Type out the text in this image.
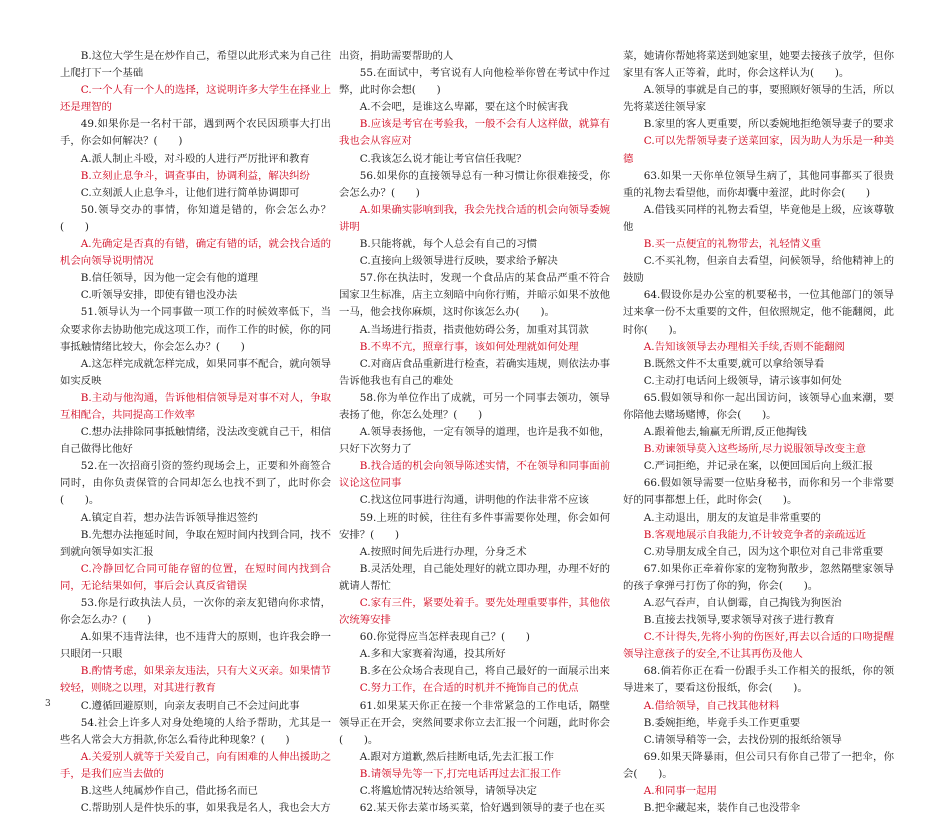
B.这位大学生是在炒作自己，希望以此形式来为自己往上爬打下一个基础
C.一个人有一个人的选择，这说明许多大学生在择业上还是理智的
49.如果你是一名村干部，遇到两个农民因琐事大打出手，你会如何解决？(　　)
A.派人制止斗殴，对斗殴的人进行严厉批评和教育
B.立刻止息争斗，调查事由，协调利益，解决纠纷
C.立刻派人止息争斗，让他们进行简单协调即可
50.领导交办的事情，你知道是错的，你会怎么办？(　　)
A.先确定是否真的有错，确定有错的话，就会找合适的机会向领导说明情况
B.信任领导，因为他一定会有他的道理
C.听领导安排，即使有错也没办法
51.领导认为一个同事做一项工作的时候效率低下，当众要求你去协助他完成这项工作，而作工作的时候，你的同事抵触情绪比较大，你会怎么办？(　　)
A.这怎样完成就怎样完成，如果同事不配合，就向领导如实反映
B.主动与他沟通，告诉他相信领导是对事不对人，争取互相配合，共同提高工作效率
C.想办法排除同事抵触情绪，没法改变就自己干，相信自己做得比他好
52.在一次招商引资的签约现场会上，正要和外商签合同时，由你负责保管的合同却怎么也找不到了，此时你会(　　)。
A.镇定自若，想办法告诉领导推迟签约
B.先想办法拖延时间，争取在短时间内找到合同，找不到就向领导如实汇报
C.冷静回忆合同可能存留的位置，在短时间内找到合同，无论结果如何，事后会认真反省错误
53.你是行政执法人员，一次你的亲友犯错向你求情，你会怎么办？(　　)
A.如果不违背法律，也不违背大的原则，也许我会睁一只眼闭一只眼
B.酌情考虑，如果亲友违法，只有大义灭亲。如果情节较轻，则晓之以理，对其进行教育
C.遵循回避原则，向亲友表明自己不会过问此事
54.社会上许多人对身处绝境的人给予帮助，尤其是一些名人常会大方捐款,你怎么看待此种现象？(　　)
A.关爱别人就等于关爱自己，向有困难的人伸出援助之手，是我们应当去做的
B.这些人纯属炒作自己，借此扬名而已
C.帮助别人是件快乐的事，如果我是名人，我也会大方
出资，捐助需要帮助的人
55.在面试中，考官说有人向他检举你曾在考试中作过弊，此时你会想(　　)
A.不会吧，是谁这么卑鄙，要在这个时候害我
B.应该是考官在考验我，一般不会有人这样做，就算有我也会从容应对
C.我该怎么说才能让考官信任我呢？
56.如果你的直接领导总有一种习惯让你很难接受，你会怎么办？(　　)
A.如果确实影响到我，我会先找合适的机会向领导委婉讲明
B.只能将就，每个人总会有自己的习惯
C.直接向上级领导进行反映，要求给予解决
57.你在执法时，发现一个食品店的某食品严重不符合国家卫生标准，店主立刻暗中向你行贿，并暗示如果不放他一马，他会找你麻烦，这时你该怎么办(　　)。
A.当场进行指责，指责他妨碍公务，加重对其罚款
B.不卑不亢，照章行事，该如何处理就如何处理
C.对商店食品重新进行检查，若确实违规，则依法办事告诉他我也有自己的难处
58.你为单位作出了成就，可另一个同事去领功，领导表扬了他，你怎么处理？(　　)
A.领导表扬他，一定有领导的道理，也许是我不如他，只好下次努力了
B.找合适的机会向领导陈述实情，不在领导和同事面前议论这位同事
C.找这位同事进行沟通，讲明他的作法非常不应该
59.上班的时候，往往有多件事需要你处理，你会如何安排？(　　)
A.按照时间先后进行办理，分身乏术
B.灵活处理，自己能处理好的就立即办理，办理不好的就请人帮忙
C.家有三件，紧要处着手。要先处理重要事件，其他依次统筹安排
60.你觉得应当怎样表现自己？(　　)
A.多和大家赛着沟通，投其所好
B.多在公众场合表现自己，将自己最好的一面展示出来
C.努力工作，在合适的时机并不掩饰自己的优点
61.如果某天你正在接一个非常紧急的工作电话，隔壁领导正在开会，突然间要求你立去汇报一个问题，此时你会(　　)。
A.跟对方道歉,然后挂断电话,先去汇报工作
B.请领导先等一下,打完电话再过去汇报工作
C.将尴尬情况转达给领导，请领导决定
62.某天你去菜市场买菜，恰好遇到领导的妻子也在买
菜，她请你帮她将菜送到她家里，她要去接孩子放学，但你家里有客人正等着，此时，你会这样认为(　　)。
A.领导的事就是自己的事，要照顾好领导的生活，所以先将菜送往领导家
B.家里的客人更重要，所以委婉地拒绝领导妻子的要求
C.可以先帮领导妻子送菜回家，因为助人为乐是一种美德
63.如果一天你单位领导生病了，其他同事都买了很贵重的礼物去看望他，而你却囊中羞涩，此时你会(　　)
A.借钱买同样的礼物去看望，毕竟他是上级，应该尊敬他
B.买一点便宜的礼物带去，礼轻情义重
C.不买礼物，但亲自去看望，问候领导，给他精神上的鼓励
64.假设你是办公室的机要秘书，一位其他部门的领导过来拿一份不太重要的文件，但依照规定，他不能翻阅，此时你(　　)。
A.告知该领导去办理相关手续,否则不能翻阅
B.既然文件不太重要,就可以拿给领导看
C.主动打电话问上级领导，请示该事如何处
65.假如领导和你一起出国访问，该领导心血来潮，要你陪他去赌场赌博，你会(　　)。
A.跟着他去,输赢无所谓,反正他掏钱
B.劝谏领导莫入这些场所,尽力说服领导改变主意
C.严词拒绝，并记录在案，以便回国后向上级汇报
66.假如领导需要一位贴身秘书，而你和另一个非常要好的同事都想上任，此时你会(　　)。
A.主动退出，朋友的友谊是非常重要的
B.客观地展示自我能力,不计较竞争者的亲疏远近
C.劝导朋友成全自己，因为这个职位对自己非常重要
67.如果你正牵着你家的宠物狗散步，忽然隔壁家领导的孩子拿弹弓打伤了你的狗，你会(　　)。
A.忍气吞声，自认倒霉，自己掏钱为狗医治
B.直接去找领导,要求领导对孩子进行教育
C.不计得失,先将小狗的伤医好,再去以合适的口吻提醒领导注意孩子的安全,不让其再伤及他人
68.倘若你正在看一份跟手头工作相关的报纸，你的领导进来了，要看这份报纸，你会(　　)。
A.借给领导，自己找其他材料
B.委婉拒绝，毕竟手头工作更重要
C.请领导稍等一会，去找份别的报纸给领导
69.如果天降暴雨，但公司只有你自己带了一把伞，你会(　　)。
A.和同事一起用
B.把伞藏起来，装作自己也没带伞
3
